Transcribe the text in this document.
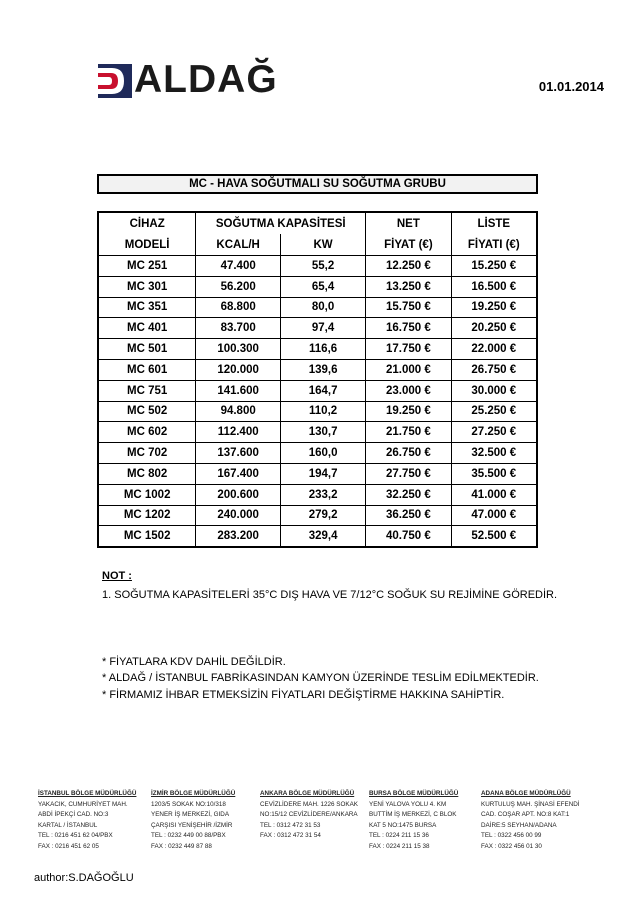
ALDAĞ	01.01.2014
MC - HAVA SOĞUTMALI SU SOĞUTMA GRUBU
CİHAZ	SOĞUTMA KAPASİTESİ		NET	LİSTE
MODELİ	KCAL/H	KW	FİYAT (€)	FİYATI (€)
MC 251	47.400	55,2	12.250 €	15.250 €
MC 301	56.200	65,4	13.250 €	16.500 €
MC 351	68.800	80,0	15.750 €	19.250 €
MC 401	83.700	97,4	16.750 €	20.250 €
MC 501	100.300	116,6	17.750 €	22.000 €
MC 601	120.000	139,6	21.000 €	26.750 €
MC 751	141.600	164,7	23.000 €	30.000 €
MC 502	94.800	110,2	19.250 €	25.250 €
MC 602	112.400	130,7	21.750 €	27.250 €
MC 702	137.600	160,0	26.750 €	32.500 €
MC 802	167.400	194,7	27.750 €	35.500 €
MC 1002	200.600	233,2	32.250 €	41.000 €
MC 1202	240.000	279,2	36.250 €	47.000 €
MC 1502	283.200	329,4	40.750 €	52.500 €
NOT :
1. SOĞUTMA KAPASİTELERİ 35°C DIŞ HAVA VE 7/12°C SOĞUK SU REJİMİNE GÖREDİR.
* FİYATLARA KDV DAHİL DEĞİLDİR.
* ALDAĞ / İSTANBUL FABRİKASINDAN KAMYON ÜZERİNDE TESLİM EDİLMEKTEDİR.
* FİRMAMIZ İHBAR ETMEKSİZİN FİYATLARI DEĞİŞTİRME HAKKINA SAHİPTİR.
İSTANBUL BÖLGE MÜDÜRLÜĞÜ
YAKACIK, CUMHURİYET MAH.
ABDİ İPEKÇİ CAD. NO:3
KARTAL / İSTANBUL
TEL : 0216 451 62 04/PBX
FAX : 0216 451 62 05
İZMİR BÖLGE MÜDÜRLÜĞÜ
1203/5 SOKAK NO:10/318
YENER İŞ MERKEZİ, GIDA
ÇARŞISI YENİŞEHİR /İZMİR
TEL : 0232 449 00 88/PBX
FAX : 0232 449 87 88
ANKARA BÖLGE MÜDÜRLÜĞÜ
CEVİZLİDERE MAH. 1226 SOKAK
NO:15/12 CEVİZLİDERE/ANKARA
TEL : 0312 472 31 53
FAX : 0312 472 31 54
BURSA BÖLGE MÜDÜRLÜĞÜ
YENİ YALOVA YOLU 4. KM
BUTTİM İŞ MERKEZİ, C BLOK
KAT 5 NO:1475 BURSA
TEL : 0224 211 15 36
FAX : 0224 211 15 38
ADANA BÖLGE MÜDÜRLÜĞÜ
KURTULUŞ MAH. ŞİNASİ EFENDİ
CAD. COŞAR APT. NO:8 KAT:1
DAİRE:5 SEYHAN/ADANA
TEL : 0322 456 00 99
FAX : 0322 456 01 30
author:S.DAĞOĞLU
